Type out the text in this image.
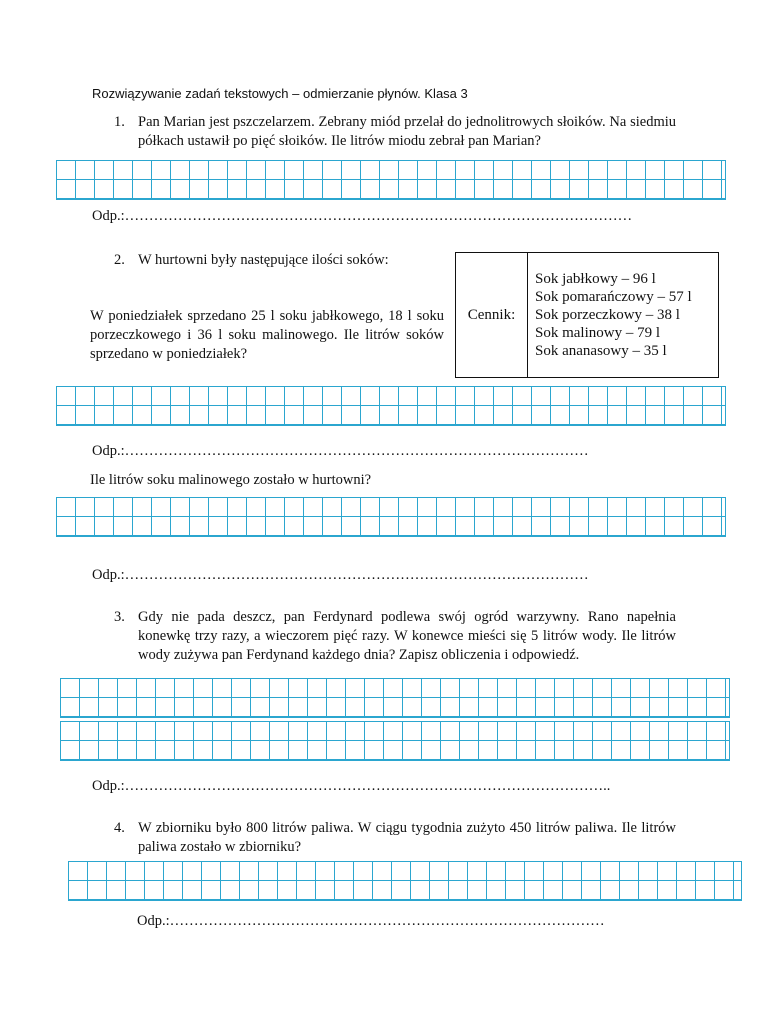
Rozwiązywanie zadań tekstowych – odmierzanie płynów. Klasa 3
1. Pan Marian jest pszczelarzem. Zebrany miód przelał do jednolitrowych słoików. Na siedmiu półkach ustawił po pięć słoików. Ile litrów miodu zebrał pan Marian?
Odp.:……………………………………………………………………………………………
2. W hurtowni były następujące ilości soków:
W poniedziałek sprzedano 25 l soku jabłkowego, 18 l soku porzeczkowego i 36 l soku malinowego. Ile litrów soków sprzedano w poniedziałek?
Cennik:
Sok jabłkowy – 96 l
Sok pomarańczowy – 57 l
Sok porzeczkowy – 38 l
Sok malinowy – 79 l
Sok ananasowy – 35 l
Odp.:……………………………………………………………………………………
Ile litrów soku malinowego zostało w hurtowni?
Odp.:……………………………………………………………………………………
3. Gdy nie pada deszcz, pan Ferdynard podlewa swój ogród warzywny. Rano napełnia konewkę trzy razy, a wieczorem pięć razy. W konewce mieści się 5 litrów wody. Ile litrów wody zużywa pan Ferdynand każdego dnia? Zapisz obliczenia i odpowiedź.
Odp.:………………………………………………………………………………………..
4. W zbiorniku było 800 litrów paliwa. W ciągu tygodnia zużyto 450 litrów paliwa. Ile litrów paliwa zostało w zbiorniku?
Odp.:………………………………………………………………………………
